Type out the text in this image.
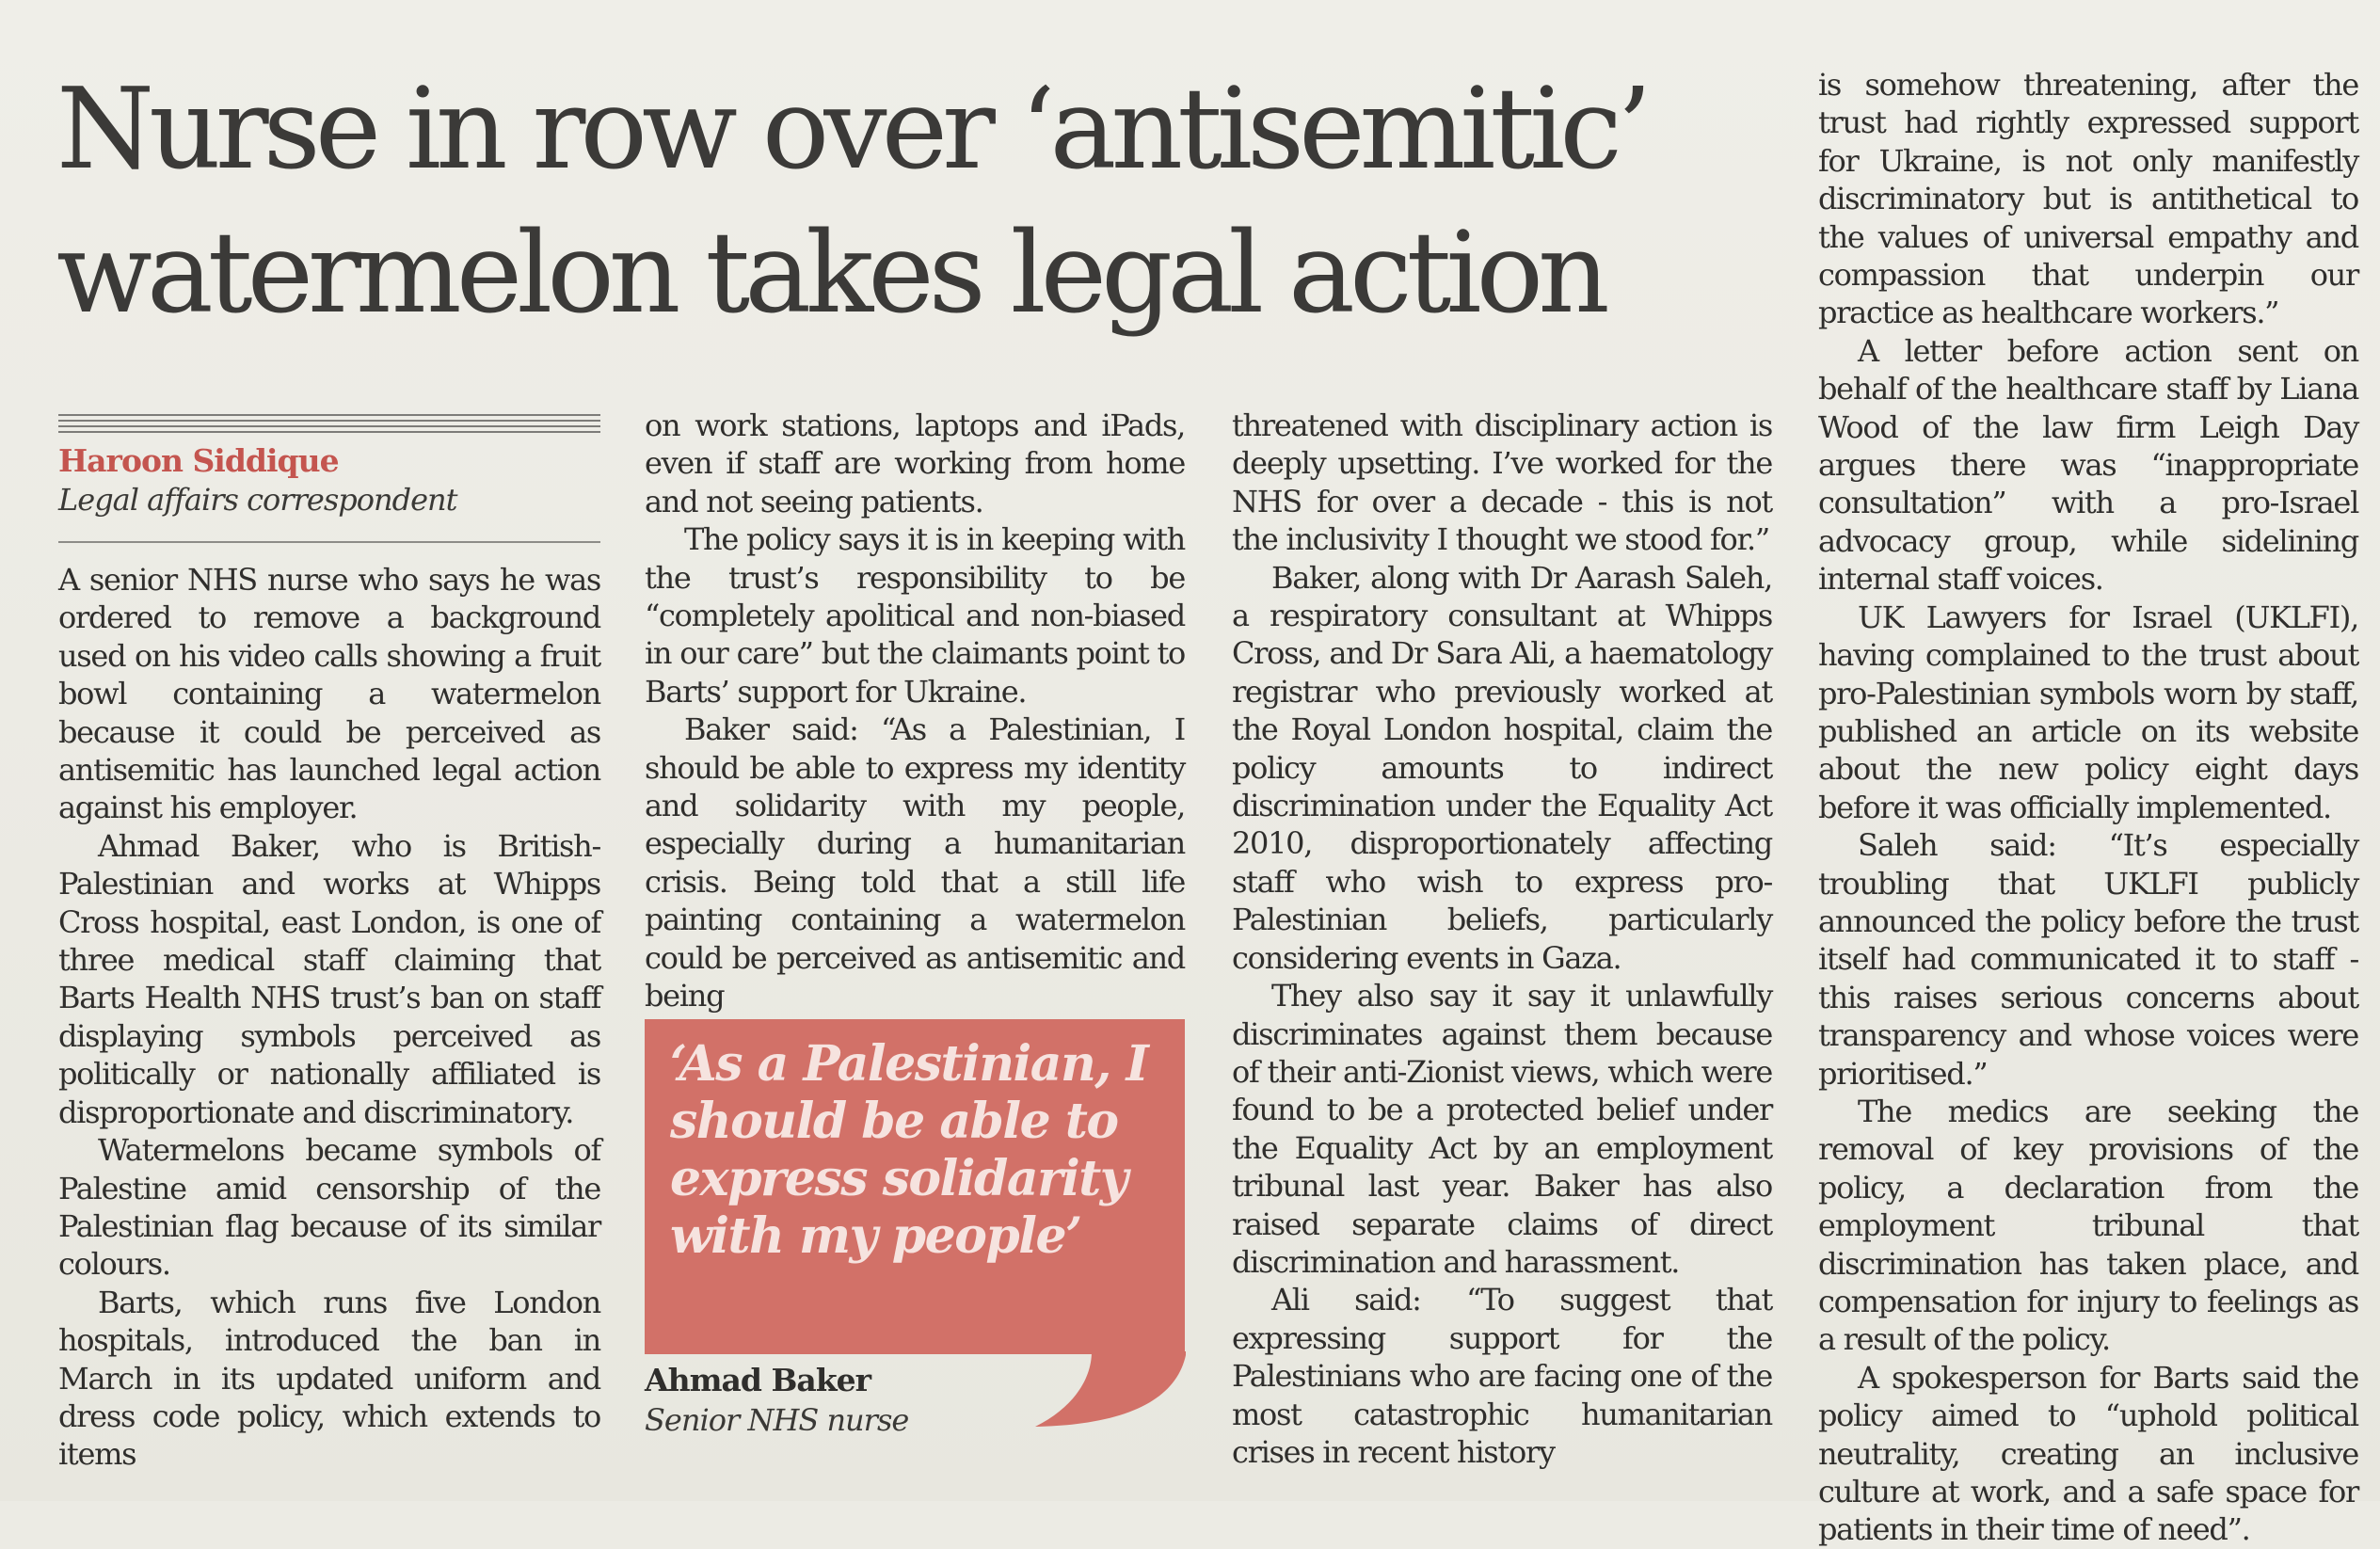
Nurse in row over ‘antisemitic’
watermelon takes legal action
Haroon Siddique
Legal affairs correspondent

A senior NHS nurse who says he was ordered to remove a background used on his video calls showing a fruit bowl containing a watermelon because it could be perceived as antisemitic has launched legal action against his employer.

Ahmad Baker, who is British-Palestinian and works at Whipps Cross hospital, east London, is one of three medical staff claiming that Barts Health NHS trust’s ban on staff displaying symbols perceived as politically or nationally affiliated is disproportionate and discriminatory.

Watermelons became symbols of Palestine amid censorship of the Palestinian flag because of its similar colours.

Barts, which runs five London hospitals, introduced the ban in March in its updated uniform and dress code policy, which extends to items

on work stations, laptops and iPads, even if staff are working from home and not seeing patients.

The policy says it is in keeping with the trust’s responsibility to be “completely apolitical and non-biased in our care” but the claimants point to Barts’ support for Ukraine.

Baker said: “As a Palestinian, I should be able to express my identity and solidarity with my people, especially during a humanitarian crisis. Being told that a still life painting containing a watermelon could be perceived as antisemitic and being

‘As a Palestinian, I should be able to express solidarity with my people’
Ahmad Baker
Senior NHS nurse

threatened with disciplinary action is deeply upsetting. I’ve worked for the NHS for over a decade - this is not the inclusivity I thought we stood for.”

Baker, along with Dr Aarash Saleh, a respiratory consultant at Whipps Cross, and Dr Sara Ali, a haematology registrar who previously worked at the Royal London hospital, claim the policy amounts to indirect discrimination under the Equality Act 2010, disproportionately affecting staff who wish to express pro-Palestinian beliefs, particularly considering events in Gaza.

They also say it say it unlawfully discriminates against them because of their anti-Zionist views, which were found to be a protected belief under the Equality Act by an employment tribunal last year. Baker has also raised separate claims of direct discrimination and harassment.

Ali said: “To suggest that expressing support for the Palestinians who are facing one of the most catastrophic humanitarian crises in recent history

is somehow threatening, after the trust had rightly expressed support for Ukraine, is not only manifestly discriminatory but is antithetical to the values of universal empathy and compassion that underpin our practice as healthcare workers.”

A letter before action sent on behalf of the healthcare staff by Liana Wood of the law firm Leigh Day argues there was “inappropriate consultation” with a pro-Israel advocacy group, while sidelining internal staff voices.

UK Lawyers for Israel (UKLFI), having complained to the trust about pro-Palestinian symbols worn by staff, published an article on its website about the new policy eight days before it was officially implemented.

Saleh said: “It’s especially troubling that UKLFI publicly announced the policy before the trust itself had communicated it to staff - this raises serious concerns about transparency and whose voices were prioritised.”

The medics are seeking the removal of key provisions of the policy, a declaration from the employment tribunal that discrimination has taken place, and compensation for injury to feelings as a result of the policy.

A spokesperson for Barts said the policy aimed to “uphold political neutrality, creating an inclusive culture at work, and a safe space for patients in their time of need”.
